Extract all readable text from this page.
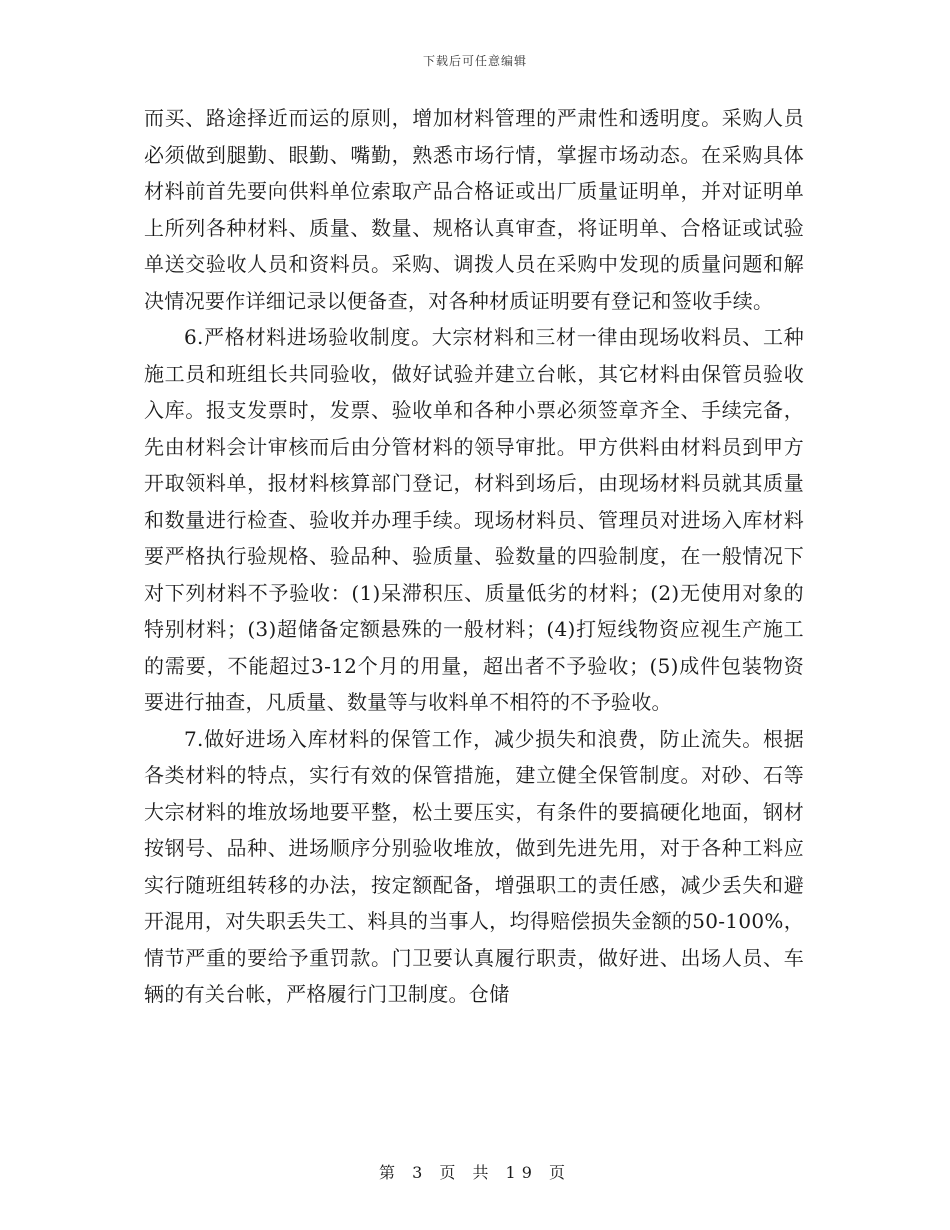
下载后可任意编辑

而买、路途择近而运的原则，增加材料管理的严肃性和透明度。采购人员必须做到腿勤、眼勤、嘴勤，熟悉市场行情，掌握市场动态。在采购具体材料前首先要向供料单位索取产品合格证或出厂质量证明单，并对证明单上所列各种材料、质量、数量、规格认真审查，将证明单、合格证或试验单送交验收人员和资料员。采购、调拨人员在采购中发现的质量问题和解决情况要作详细记录以便备查，对各种材质证明要有登记和签收手续。

6.严格材料进场验收制度。大宗材料和三材一律由现场收料员、工种施工员和班组长共同验收，做好试验并建立台帐，其它材料由保管员验收入库。报支发票时，发票、验收单和各种小票必须签章齐全、手续完备，先由材料会计审核而后由分管材料的领导审批。甲方供料由材料员到甲方开取领料单，报材料核算部门登记，材料到场后，由现场材料员就其质量和数量进行检查、验收并办理手续。现场材料员、管理员对进场入库材料要严格执行验规格、验品种、验质量、验数量的四验制度，在一般情况下对下列材料不予验收：(1)呆滞积压、质量低劣的材料；(2)无使用对象的特别材料；(3)超储备定额悬殊的一般材料；(4)打短线物资应视生产施工的需要，不能超过3-12个月的用量，超出者不予验收；(5)成件包装物资要进行抽查，凡质量、数量等与收料单不相符的不予验收。

7.做好进场入库材料的保管工作，减少损失和浪费，防止流失。根据各类材料的特点，实行有效的保管措施，建立健全保管制度。对砂、石等大宗材料的堆放场地要平整，松土要压实，有条件的要搞硬化地面，钢材按钢号、品种、进场顺序分别验收堆放，做到先进先用，对于各种工料应实行随班组转移的办法，按定额配备，增强职工的责任感，减少丢失和避开混用，对失职丢失工、料具的当事人，均得赔偿损失金额的50-100%，情节严重的要给予重罚款。门卫要认真履行职责，做好进、出场人员、车辆的有关台帐，严格履行门卫制度。仓储

第 3 页 共 19 页
